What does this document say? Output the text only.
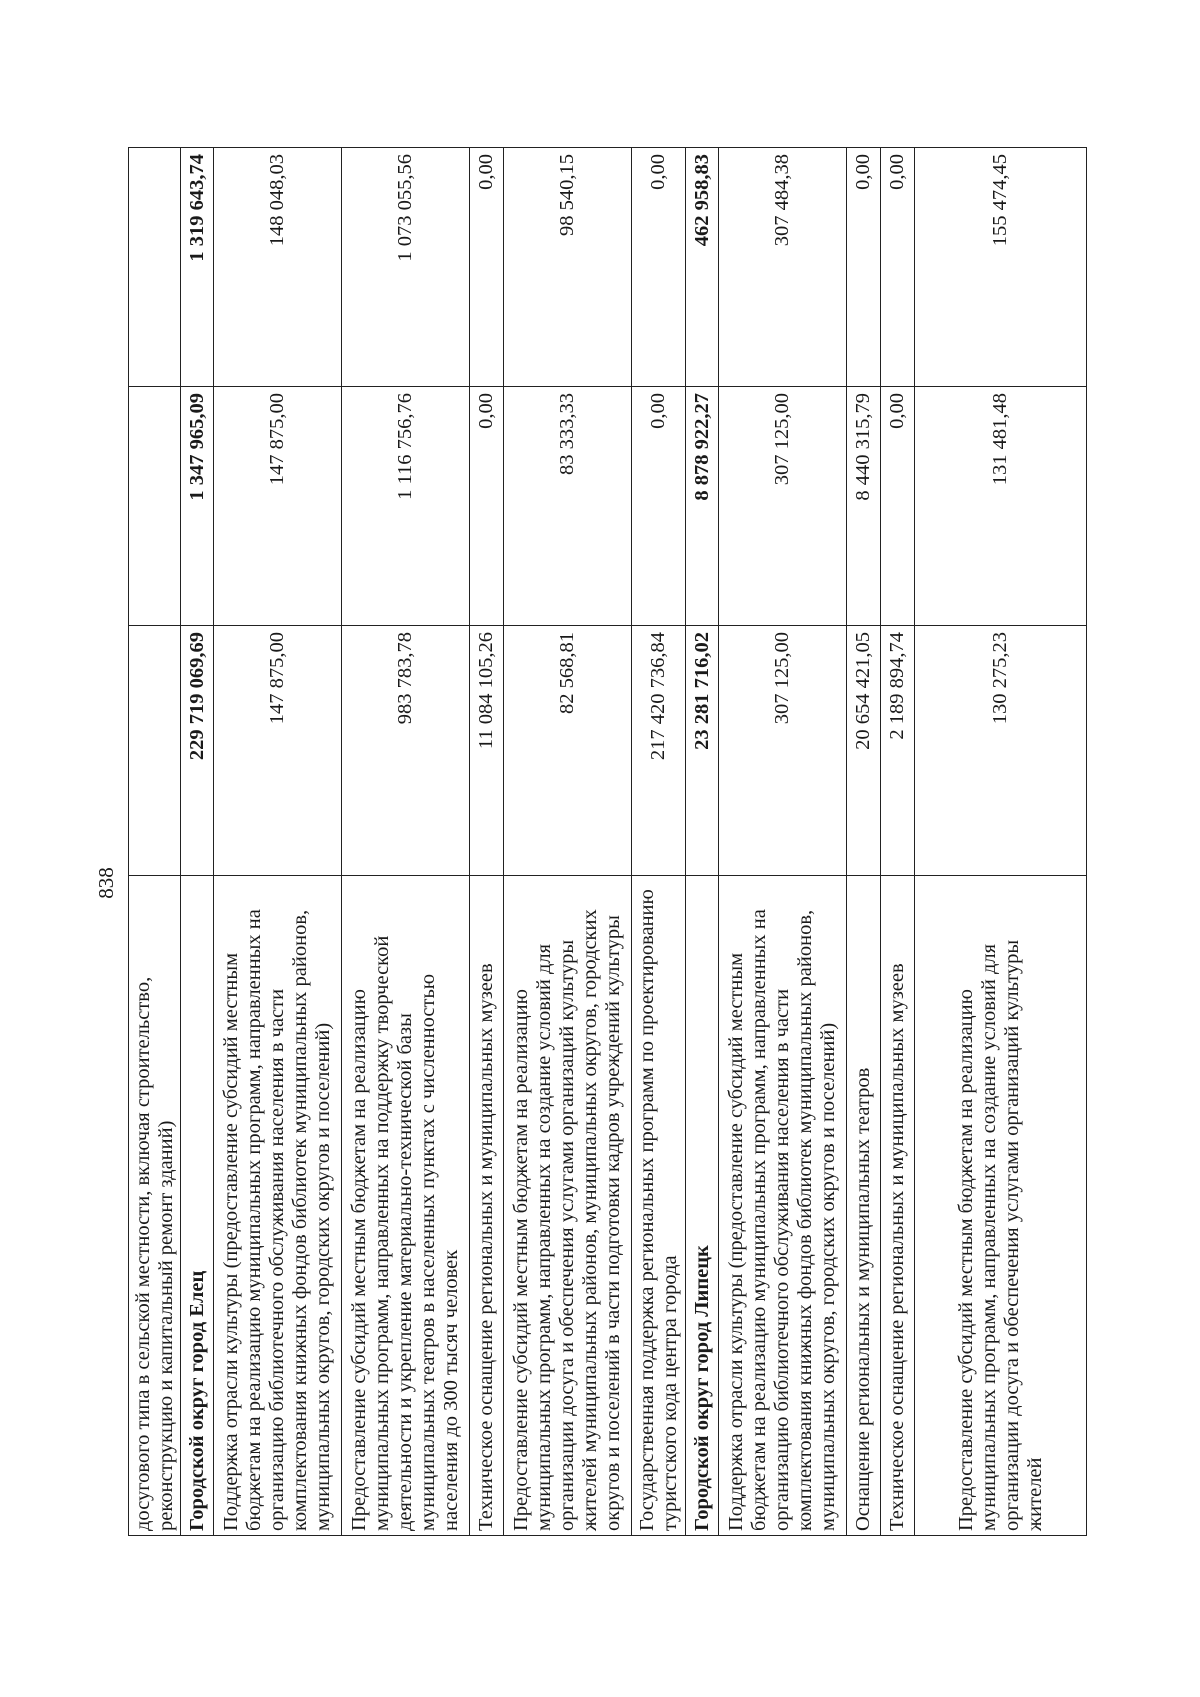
838
досугового типа в сельской местности, включая строительство, реконструкцию и капитальный ремонт зданий)			
Городской округ город Елец	229 719 069,69	1 347 965,09	1 319 643,74
Поддержка отрасли культуры (предоставление субсидий местным бюджетам на реализацию муниципальных программ, направленных на организацию библиотечного обслуживания населения в части комплектования книжных фондов библиотек муниципальных районов, муниципальных округов, городских округов и поселений)	147 875,00	147 875,00	148 048,03
Предоставление субсидий местным бюджетам на реализацию муниципальных программ, направленных на поддержку творческой деятельности и укрепление материально-технической базы муниципальных театров в населенных пунктах с численностью населения до 300 тысяч человек	983 783,78	1 116 756,76	1 073 055,56
Техническое оснащение региональных и муниципальных музеев	11 084 105,26	0,00	0,00
Предоставление субсидий местным бюджетам на реализацию муниципальных программ, направленных на создание условий для организации досуга и обеспечения услугами организаций культуры жителей муниципальных районов, муниципальных округов, городских округов и поселений в части подготовки кадров учреждений культуры	82 568,81	83 333,33	98 540,15
Государственная поддержка региональных программ по проектированию туристского кода центра города	217 420 736,84	0,00	0,00
Городской округ город Липецк	23 281 716,02	8 878 922,27	462 958,83
Поддержка отрасли культуры (предоставление субсидий местным бюджетам на реализацию муниципальных программ, направленных на организацию библиотечного обслуживания населения в части комплектования книжных фондов библиотек муниципальных районов, муниципальных округов, городских округов и поселений)	307 125,00	307 125,00	307 484,38
Оснащение региональных и муниципальных театров	20 654 421,05	8 440 315,79	0,00
Техническое оснащение региональных и муниципальных музеев	2 189 894,74	0,00	0,00
Предоставление субсидий местным бюджетам на реализацию муниципальных программ, направленных на создание условий для организации досуга и обеспечения услугами организаций культуры жителей	130 275,23	131 481,48	155 474,45
